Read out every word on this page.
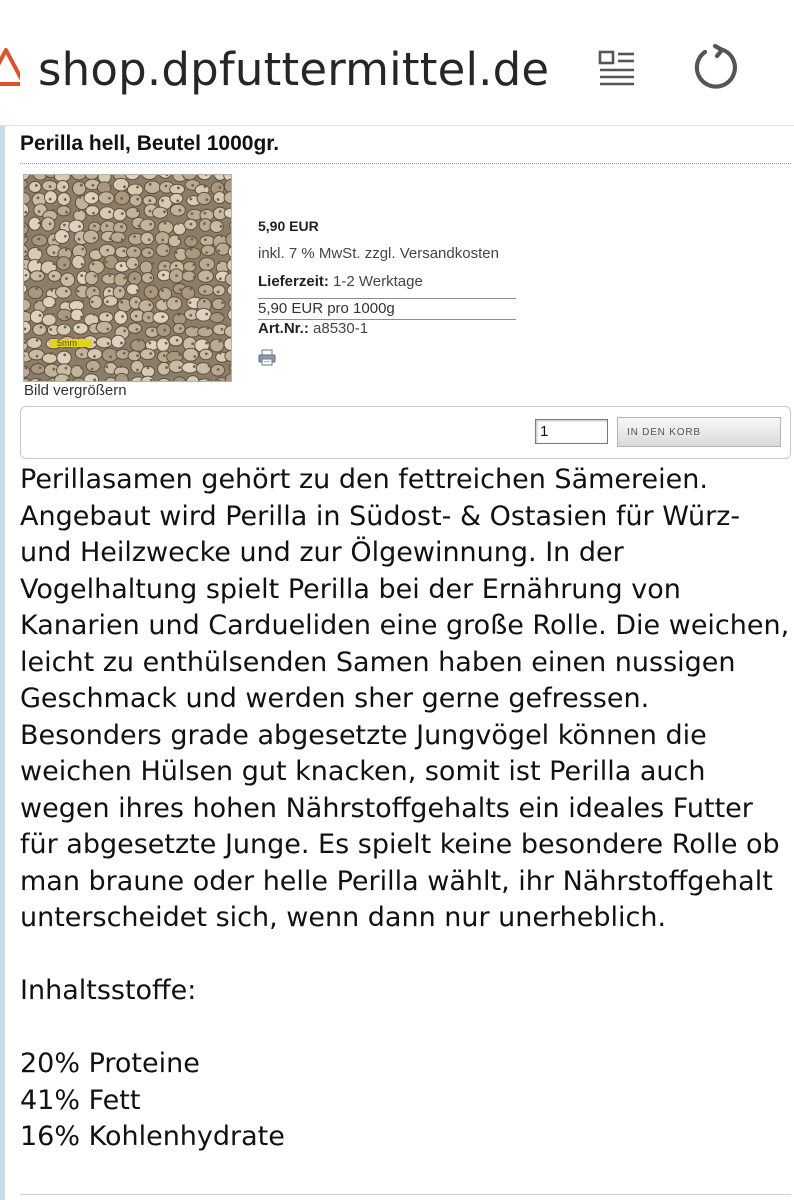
shop.dpfuttermittel.de
Perilla hell, Beutel 1000gr.
5mm
Bild vergrößern
5,90 EUR
inkl. 7 % MwSt. zzgl. Versandkosten
Lieferzeit: 1-2 Werktage
5,90 EUR pro 1000g
Art.Nr.: a8530-1
1
IN DEN KORB

Perillasamen gehört zu den fettreichen Sämereien. Angebaut wird Perilla in Südost- & Ostasien für Würz- und Heilzwecke und zur Ölgewinnung. In der Vogelhaltung spielt Perilla bei der Ernährung von Kanarien und Cardueliden eine große Rolle. Die weichen, leicht zu enthülsenden Samen haben einen nussigen Geschmack und werden sher gerne gefressen. Besonders grade abgesetzte Jungvögel können die weichen Hülsen gut knacken, somit ist Perilla auch wegen ihres hohen Nährstoffgehalts ein ideales Futter für abgesetzte Junge. Es spielt keine besondere Rolle ob man braune oder helle Perilla wählt, ihr Nährstoffgehalt unterscheidet sich, wenn dann nur unerheblich.

Inhaltsstoffe:

20% Proteine

41% Fett

16% Kohlenhydrate
